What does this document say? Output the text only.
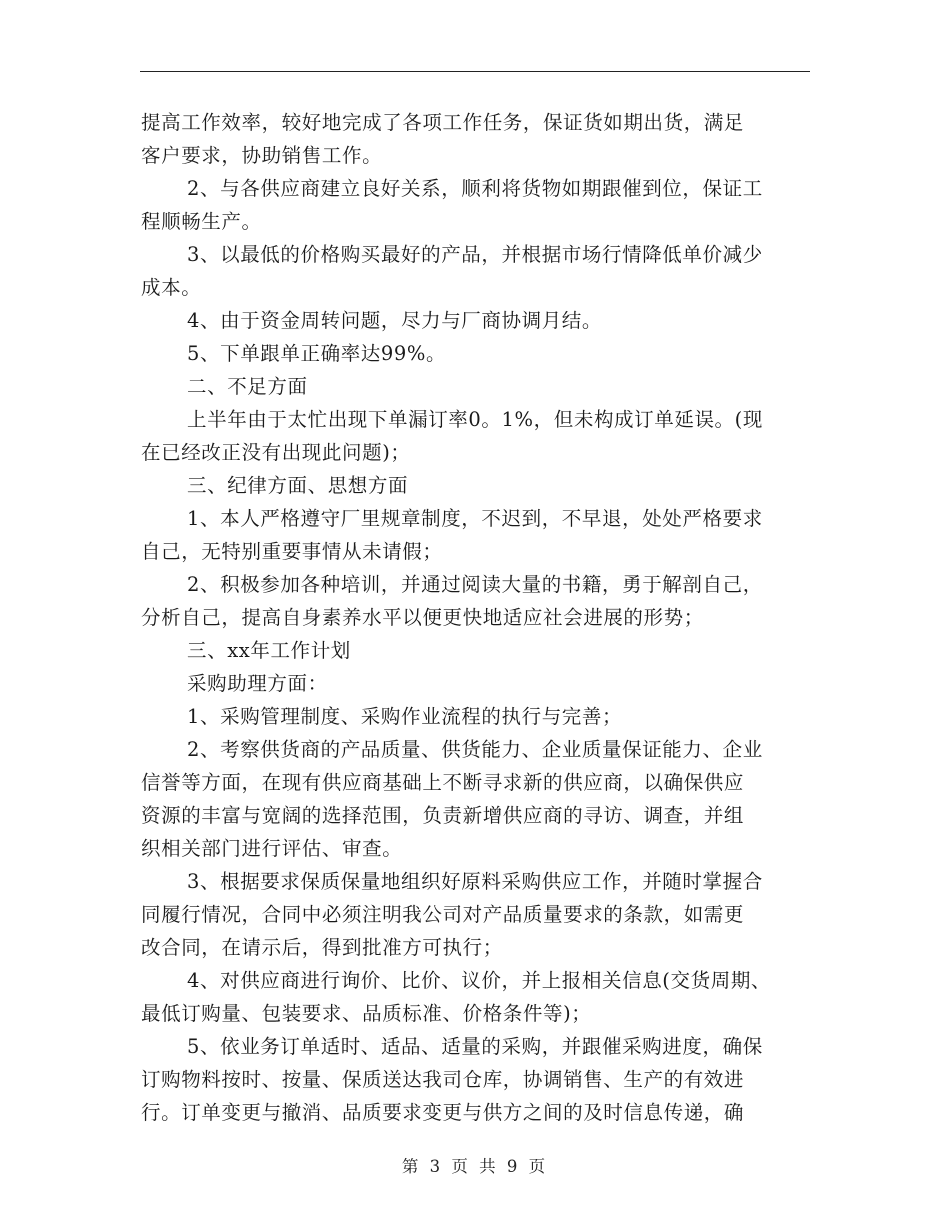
提高工作效率，较好地完成了各项工作任务，保证货如期出货，满足
客户要求，协助销售工作。
2、与各供应商建立良好关系，顺利将货物如期跟催到位，保证工
程顺畅生产。
3、以最低的价格购买最好的产品，并根据市场行情降低单价减少
成本。
4、由于资金周转问题，尽力与厂商协调月结。
5、下单跟单正确率达99%。
二、不足方面
上半年由于太忙出现下单漏订率0。1%，但未构成订单延误。(现
在已经改正没有出现此问题)；
三、纪律方面、思想方面
1、本人严格遵守厂里规章制度，不迟到，不早退，处处严格要求
自己，无特别重要事情从未请假；
2、积极参加各种培训，并通过阅读大量的书籍，勇于解剖自己，
分析自己，提高自身素养水平以便更快地适应社会进展的形势；
三、xx年工作计划
采购助理方面：
1、采购管理制度、采购作业流程的执行与完善；
2、考察供货商的产品质量、供货能力、企业质量保证能力、企业
信誉等方面，在现有供应商基础上不断寻求新的供应商，以确保供应
资源的丰富与宽阔的选择范围，负责新增供应商的寻访、调查，并组
织相关部门进行评估、审查。
3、根据要求保质保量地组织好原料采购供应工作，并随时掌握合
同履行情况，合同中必须注明我公司对产品质量要求的条款，如需更
改合同，在请示后，得到批准方可执行；
4、对供应商进行询价、比价、议价，并上报相关信息(交货周期、
最低订购量、包装要求、品质标准、价格条件等)；
5、依业务订单适时、适品、适量的采购，并跟催采购进度，确保
订购物料按时、按量、保质送达我司仓库，协调销售、生产的有效进
行。订单变更与撤消、品质要求变更与供方之间的及时信息传递，确
第 3 页 共 9 页
